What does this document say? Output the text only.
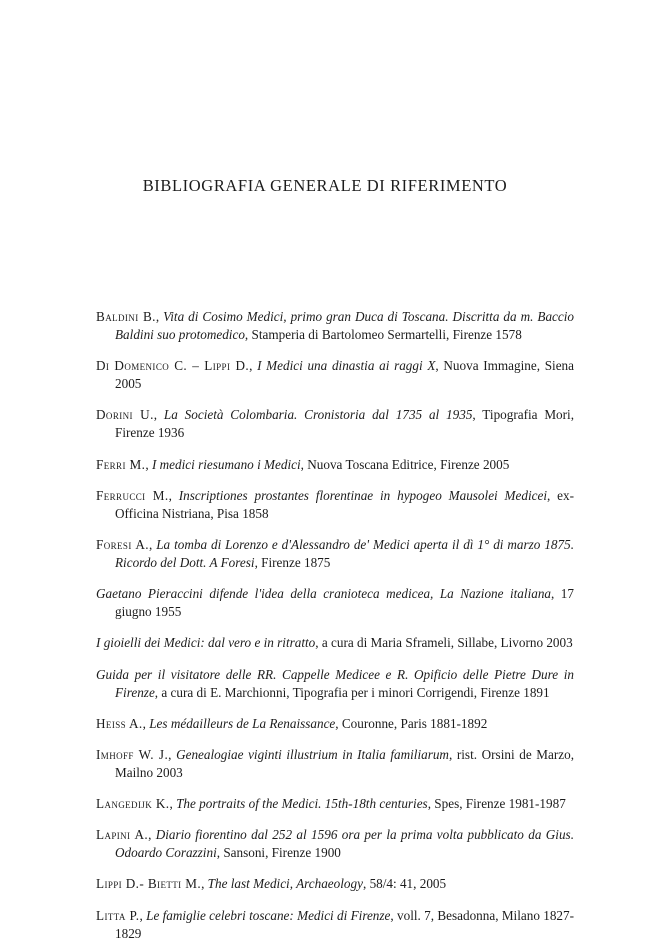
BIBLIOGRAFIA GENERALE DI RIFERIMENTO

Baldini B., Vita di Cosimo Medici, primo gran Duca di Toscana. Discritta da m. Baccio Baldini suo protomedico, Stamperia di Bartolomeo Sermartelli, Firenze 1578

Di Domenico C. – Lippi D., I Medici una dinastia ai raggi X, Nuova Immagine, Siena 2005

Dorini U., La Società Colombaria. Cronistoria dal 1735 al 1935, Tipografia Mori, Firenze 1936

Ferri M., I medici riesumano i Medici, Nuova Toscana Editrice, Firenze 2005

Ferrucci M., Inscriptiones prostantes florentinae in hypogeo Mausolei Medicei, ex-Officina Nistriana, Pisa 1858

Foresi A., La tomba di Lorenzo e d'Alessandro de' Medici aperta il dì 1° di marzo 1875. Ricordo del Dott. A Foresi, Firenze 1875

Gaetano Pieraccini difende l'idea della cranioteca medicea, La Nazione italiana, 17 giugno 1955

I gioielli dei Medici: dal vero e in ritratto, a cura di Maria Sframeli, Sillabe, Livorno 2003

Guida per il visitatore delle RR. Cappelle Medicee e R. Opificio delle Pietre Dure in Firenze, a cura di E. Marchionni, Tipografia per i minori Corrigendi, Firenze 1891

Heiss A., Les médailleurs de La Renaissance, Couronne, Paris 1881-1892

Imhoff W. J., Genealogiae viginti illustrium in Italia familiarum, rist. Orsini de Marzo, Mailno 2003

Langedijk K., The portraits of the Medici. 15th-18th centuries, Spes, Firenze 1981-1987

Lapini A., Diario fiorentino dal 252 al 1596 ora per la prima volta pubblicato da Gius. Odoardo Corazzini, Sansoni, Firenze 1900

Lippi D.- Bietti M., The last Medici, Archaeology, 58/4: 41, 2005

Litta P., Le famiglie celebri toscane: Medici di Firenze, voll. 7, Besadonna, Milano 1827-1829
